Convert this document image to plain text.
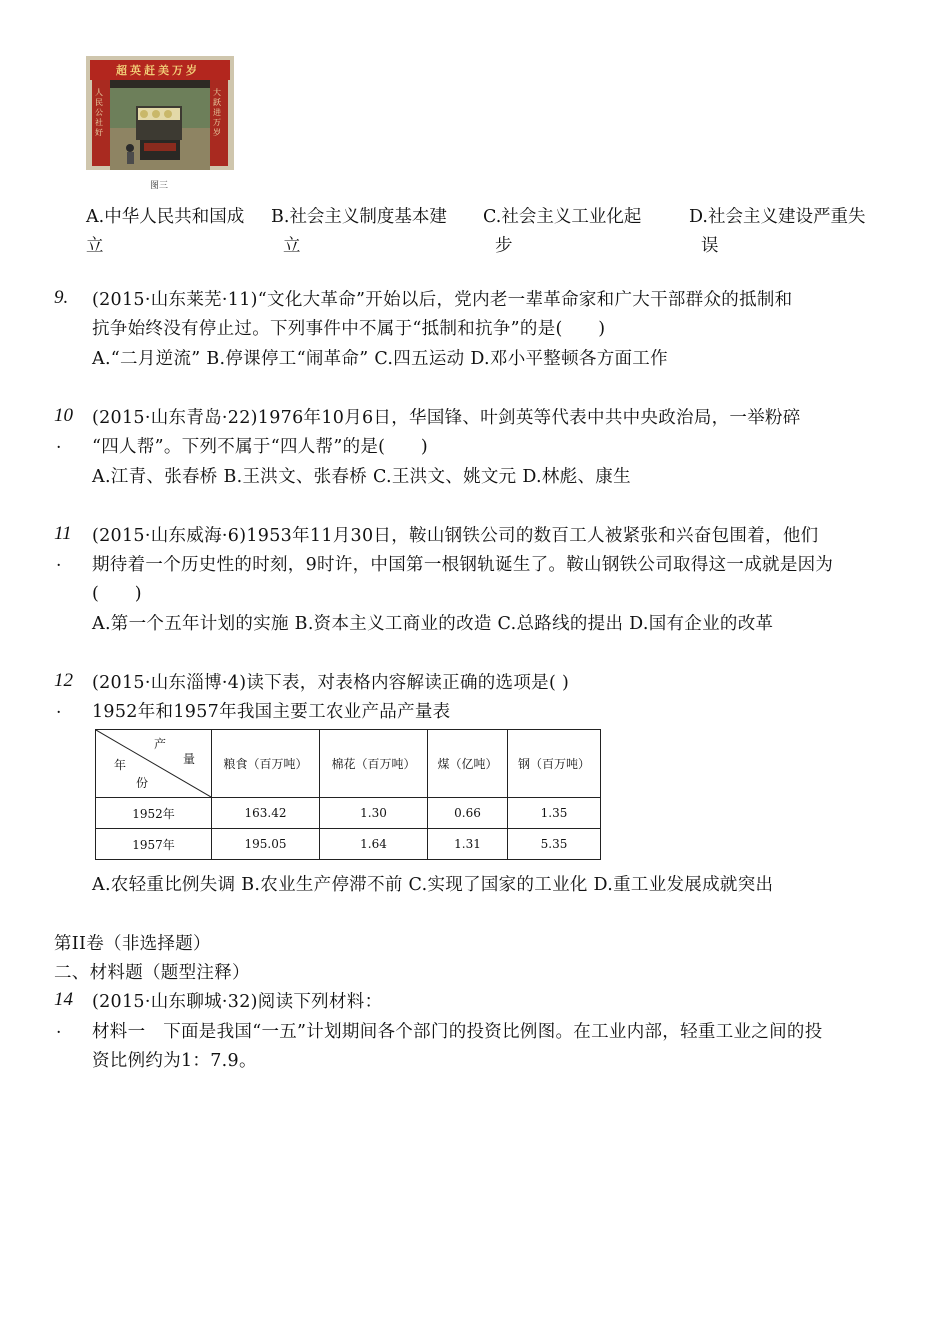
超英赶美万岁
人民公社好
大跃进万岁
图三
A.中华人民共和国成
立
B.社会主义制度基本建
立
C.社会主义工业化起
步
D.社会主义建设严重失
误
9. (2015·山东莱芜·11)“文化大革命”开始以后，党内老一辈革命家和广大干部群众的抵制和
抗争始终没有停止过。下列事件中不属于“抵制和抗争”的是(　　)
A.“二月逆流” B.停课停工“闹革命” C.四五运动 D.邓小平整顿各方面工作
10
.
(2015·山东青岛·22)1976年10月6日，华国锋、叶剑英等代表中共中央政治局，一举粉碎
“四人帮”。下列不属于“四人帮”的是(　　)
A.江青、张春桥 B.王洪文、张春桥 C.王洪文、姚文元 D.林彪、康生
11
.
(2015·山东威海·6)1953年11月30日，鞍山钢铁公司的数百工人被紧张和兴奋包围着，他们
期待着一个历史性的时刻，9时许，中国第一根钢轨诞生了。鞍山钢铁公司取得这一成就是因为
(　　)
A.第一个五年计划的实施 B.资本主义工商业的改造 C.总路线的提出 D.国有企业的改革
12
.
(2015·山东淄博·4)读下表，对表格内容解读正确的选项是( )
1952年和1957年我国主要工农业产品产量表
产
量
年
份	粮食（百万吨）	棉花（百万吨）	煤（亿吨）	钢（百万吨）
1952年	163.42	1.30	0.66	1.35
1957年	195.05	1.64	1.31	5.35
A.农轻重比例失调 B.农业生产停滞不前 C.实现了国家的工业化 D.重工业发展成就突出
第II卷（非选择题）
二、材料题（题型注释）
14
.
(2015·山东聊城·32)阅读下列材料：
材料一　下面是我国“一五”计划期间各个部门的投资比例图。在工业内部，轻重工业之间的投
资比例约为1：7.9。
